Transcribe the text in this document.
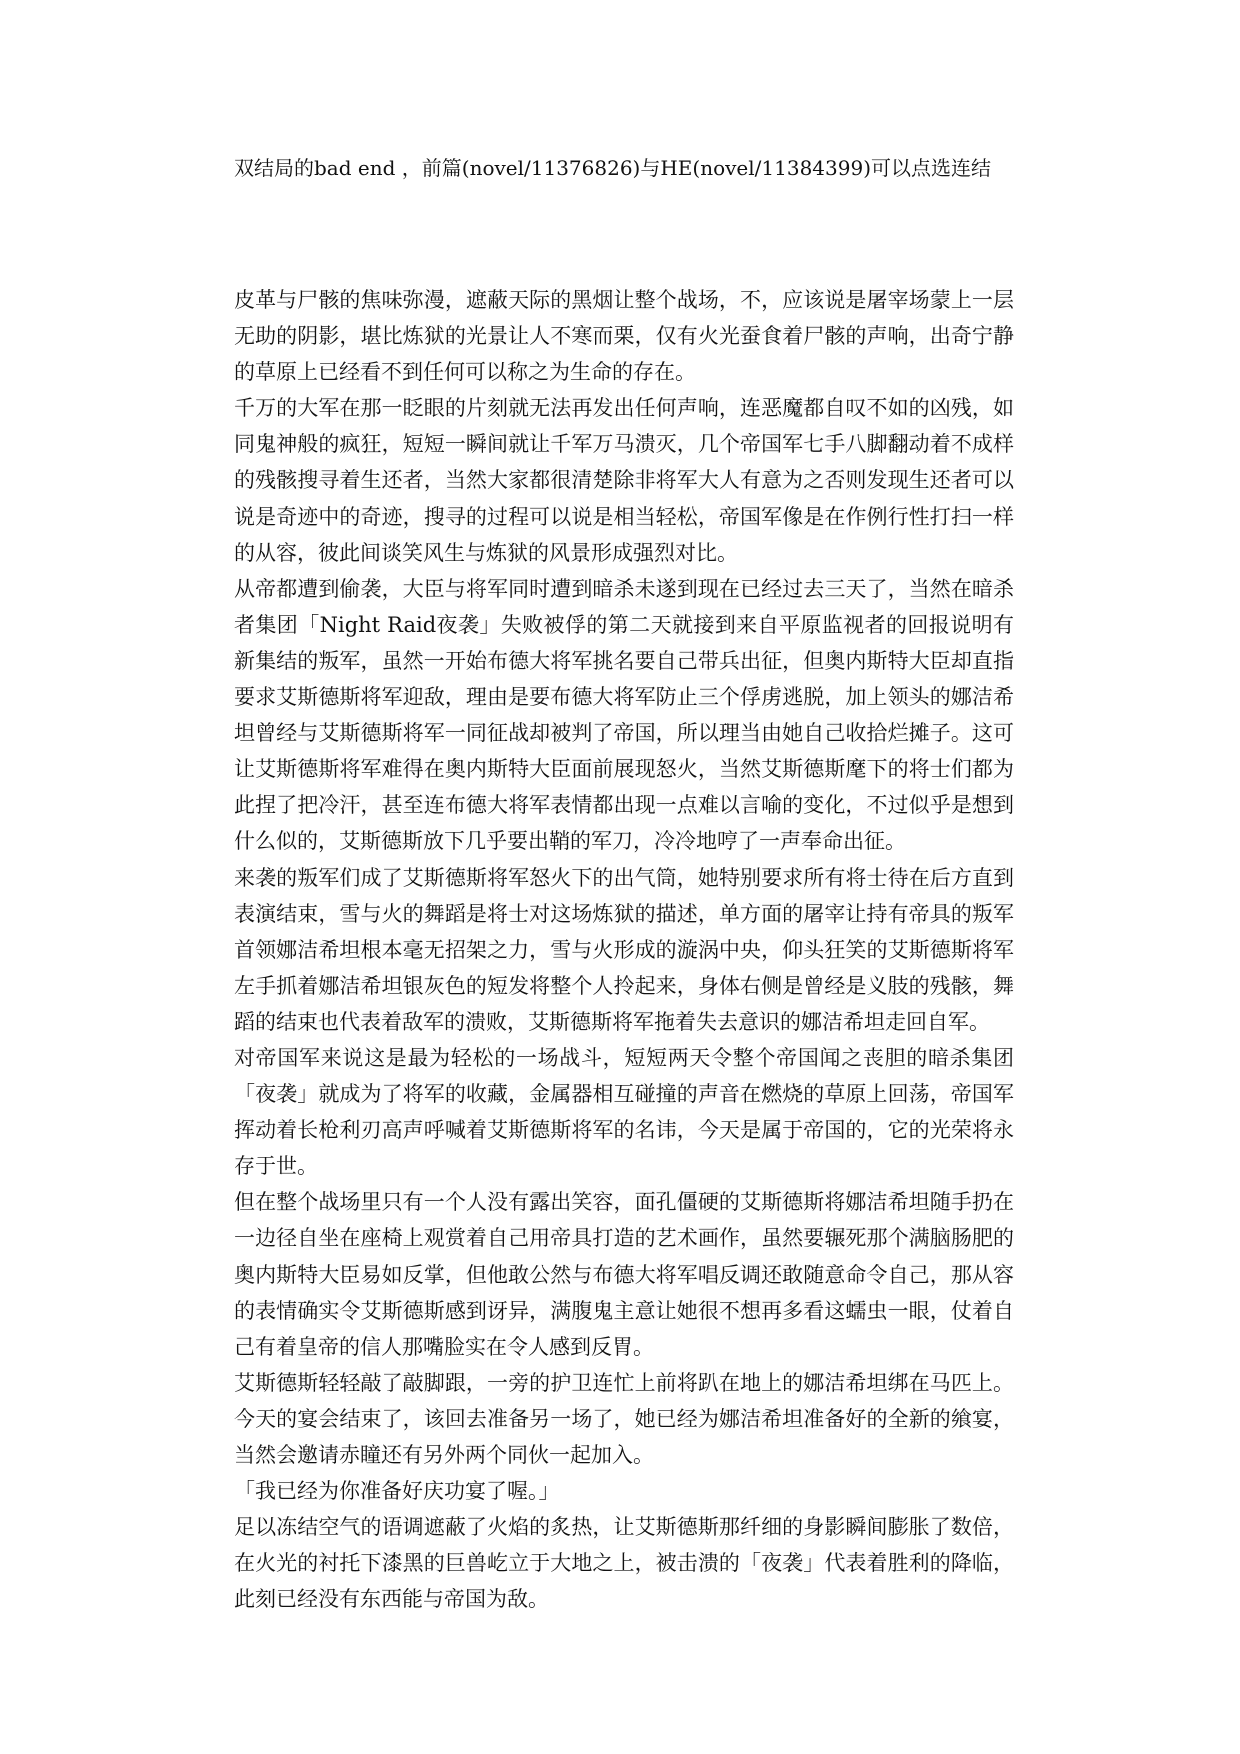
双结局的bad end ，前篇(novel/11376826)与HE(novel/11384399)可以点选连结

皮革与尸骸的焦味弥漫，遮蔽天际的黑烟让整个战场，不，应该说是屠宰场蒙上一层无助的阴影，堪比炼狱的光景让人不寒而栗，仅有火光蚕食着尸骸的声响，出奇宁静的草原上已经看不到任何可以称之为生命的存在。

千万的大军在那一眨眼的片刻就无法再发出任何声响，连恶魔都自叹不如的凶残，如同鬼神般的疯狂，短短一瞬间就让千军万马溃灭，几个帝国军七手八脚翻动着不成样的残骸搜寻着生还者，当然大家都很清楚除非将军大人有意为之否则发现生还者可以说是奇迹中的奇迹，搜寻的过程可以说是相当轻松，帝国军像是在作例行性打扫一样的从容，彼此间谈笑风生与炼狱的风景形成强烈对比。

从帝都遭到偷袭，大臣与将军同时遭到暗杀未遂到现在已经过去三天了，当然在暗杀者集团「Night Raid夜袭」失败被俘的第二天就接到来自平原监视者的回报说明有新集结的叛军，虽然一开始布德大将军挑名要自己带兵出征，但奥内斯特大臣却直指要求艾斯德斯将军迎敌，理由是要布德大将军防止三个俘虏逃脱，加上领头的娜洁希坦曾经与艾斯德斯将军一同征战却被判了帝国，所以理当由她自己收拾烂摊子。这可让艾斯德斯将军难得在奥内斯特大臣面前展现怒火，当然艾斯德斯麾下的将士们都为此捏了把冷汗，甚至连布德大将军表情都出现一点难以言喻的变化，不过似乎是想到什么似的，艾斯德斯放下几乎要出鞘的军刀，冷冷地哼了一声奉命出征。

来袭的叛军们成了艾斯德斯将军怒火下的出气筒，她特别要求所有将士待在后方直到表演结束，雪与火的舞蹈是将士对这场炼狱的描述，单方面的屠宰让持有帝具的叛军首领娜洁希坦根本毫无招架之力，雪与火形成的漩涡中央，仰头狂笑的艾斯德斯将军左手抓着娜洁希坦银灰色的短发将整个人拎起来，身体右侧是曾经是义肢的残骸，舞蹈的结束也代表着敌军的溃败，艾斯德斯将军拖着失去意识的娜洁希坦走回自军。

对帝国军来说这是最为轻松的一场战斗，短短两天令整个帝国闻之丧胆的暗杀集团「夜袭」就成为了将军的收藏，金属器相互碰撞的声音在燃烧的草原上回荡，帝国军挥动着长枪利刃高声呼喊着艾斯德斯将军的名讳，今天是属于帝国的，它的光荣将永存于世。

但在整个战场里只有一个人没有露出笑容，面孔僵硬的艾斯德斯将娜洁希坦随手扔在一边径自坐在座椅上观赏着自己用帝具打造的艺术画作，虽然要辗死那个满脑肠肥的奥内斯特大臣易如反掌，但他敢公然与布德大将军唱反调还敢随意命令自己，那从容的表情确实令艾斯德斯感到讶异，满腹鬼主意让她很不想再多看这蠕虫一眼，仗着自己有着皇帝的信人那嘴脸实在令人感到反胃。

艾斯德斯轻轻敲了敲脚跟，一旁的护卫连忙上前将趴在地上的娜洁希坦绑在马匹上。今天的宴会结束了，该回去准备另一场了，她已经为娜洁希坦准备好的全新的飨宴，当然会邀请赤瞳还有另外两个同伙一起加入。

「我已经为你准备好庆功宴了喔。」

足以冻结空气的语调遮蔽了火焰的炙热，让艾斯德斯那纤细的身影瞬间膨胀了数倍，在火光的衬托下漆黑的巨兽屹立于大地之上，被击溃的「夜袭」代表着胜利的降临，此刻已经没有东西能与帝国为敌。
